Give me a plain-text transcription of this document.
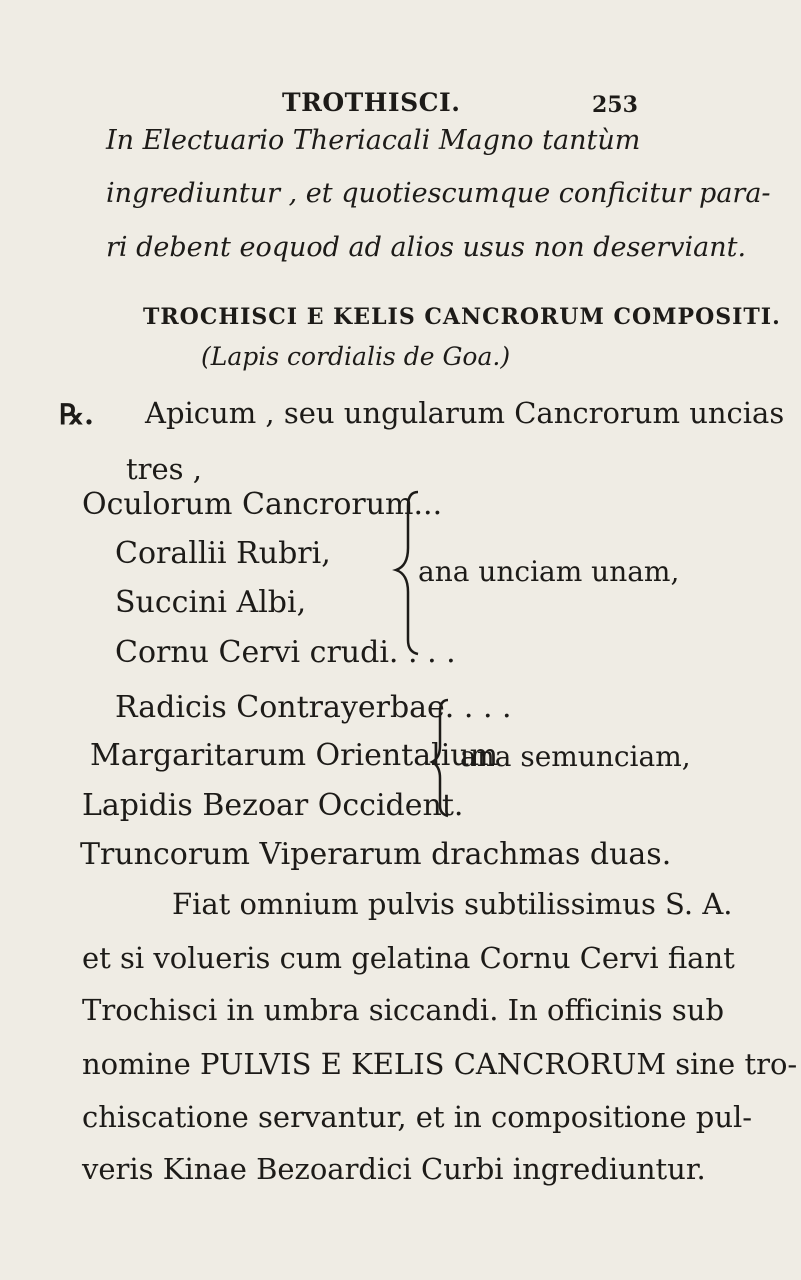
TROTHISCI.	253
In Electuario Theriacali Magno tantùm
ingrediuntur , et quotiescumque conficitur para-
ri debent eoquod ad alios usus non deserviant.
TROCHISCI E KELIS CANCRORUM COMPOSITI.
(Lapis cordialis de Goa.)
℞. Apicum , seu ungularum Cancrorum uncias
tres ,
Oculorum Cancrorum...
Corallii Rubri,
Succini Albi,
Cornu Cervi crudi. . . .
Radicis Contrayerbae. . . .
Margaritarum Orientalium
Lapidis Bezoar Occident.
Truncorum Viperarum drachmas duas.
ana unciam unam,
ana semunciam,
Fiat omnium pulvis subtilissimus S. A.
et si volueris cum gelatina Cornu Cervi fiant
Trochisci in umbra siccandi. In officinis sub
nomine PULVIS E KELIS CANCRORUM sine tro-
chiscatione servantur, et in compositione pul-
veris Kinae Bezoardici Curbi ingrediuntur.
